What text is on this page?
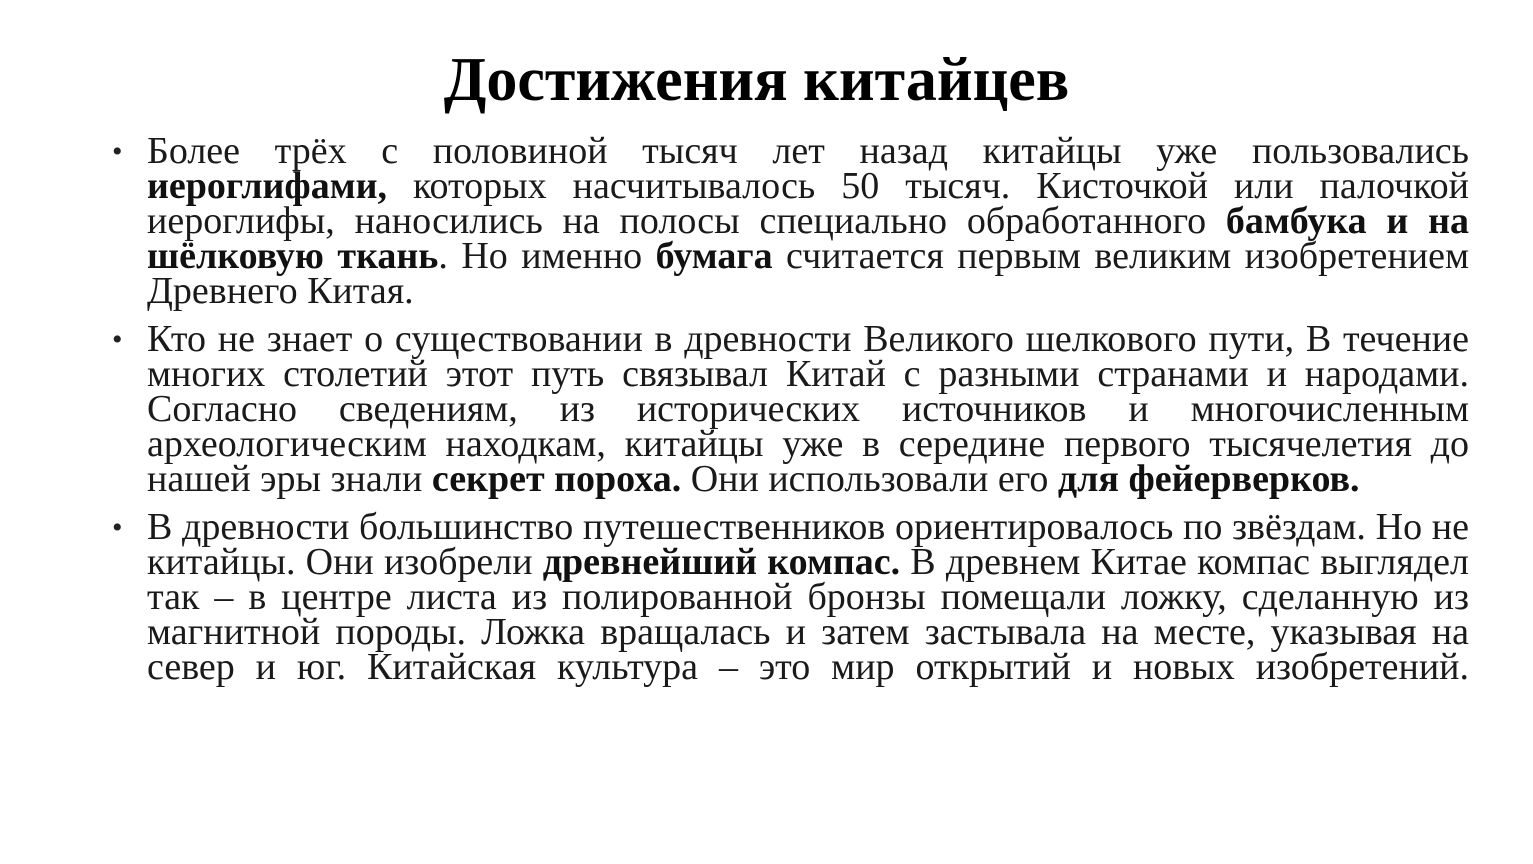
Достижения китайцев
• Более трёх с половиной тысяч лет назад китайцы уже пользовались иероглифами, которых насчитывалось 50 тысяч. Кисточкой или палочкой иероглифы, наносились на полосы специально обработанного бамбука и на шёлковую ткань. Но именно бумага считается первым великим изобретением Древнего Китая.
• Кто не знает о существовании в древности Великого шелкового пути, В течение многих столетий этот путь связывал Китай с разными странами и народами. Согласно сведениям, из исторических источников и многочисленным археологическим находкам, китайцы уже в середине первого тысячелетия до нашей эры знали секрет пороха. Они использовали его для фейерверков.
• В древности большинство путешественников ориентировалось по звёздам. Но не китайцы. Они изобрели древнейший компас. В древнем Китае компас выглядел так – в центре листа из полированной бронзы помещали ложку, сделанную из магнитной породы. Ложка вращалась и затем застывала на месте, указывая на север и юг. Китайская культура – это мир открытий и новых изобретений.
